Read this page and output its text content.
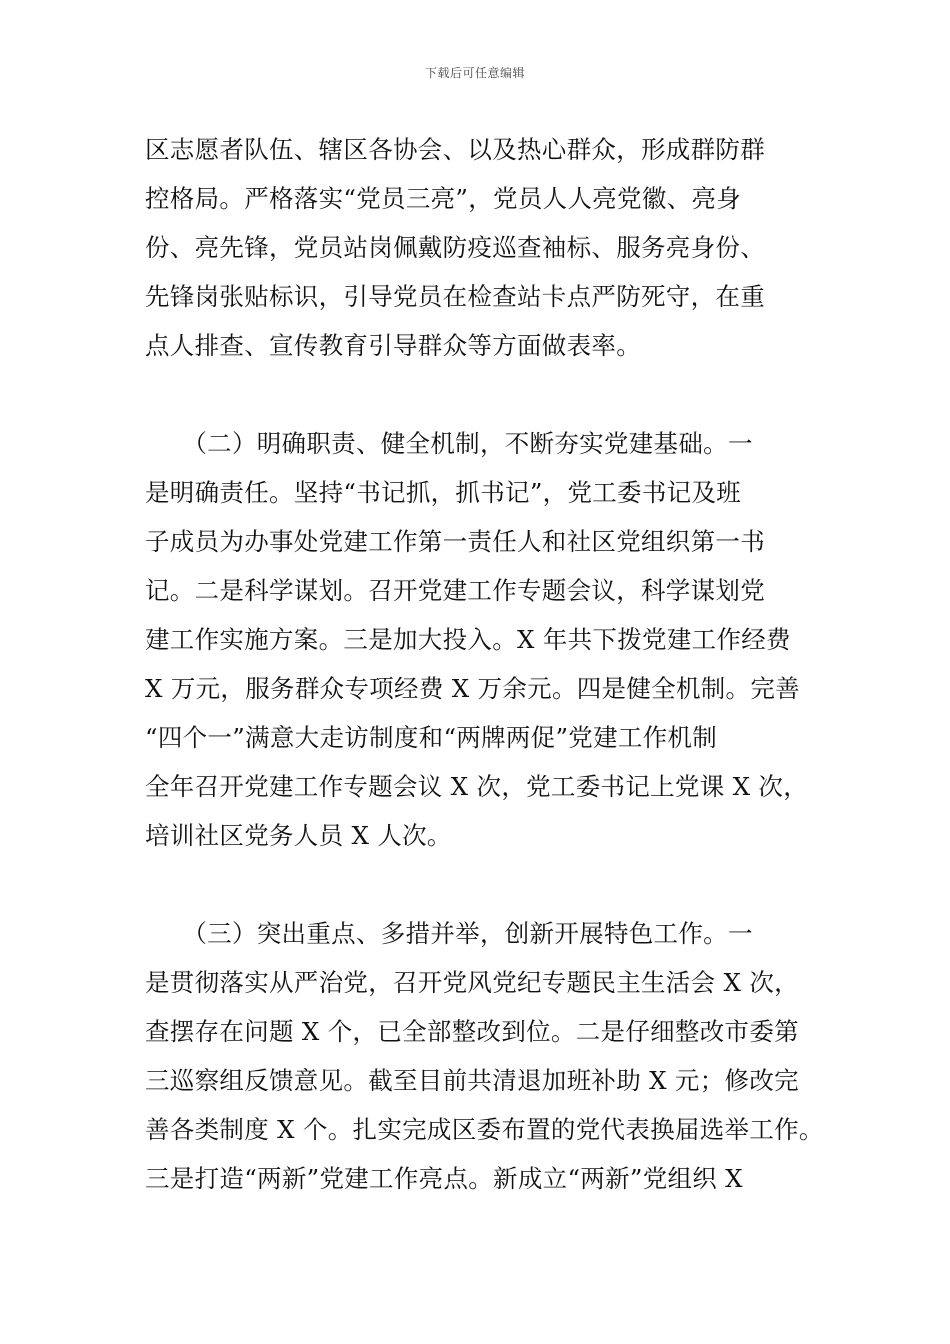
下载后可任意编辑
区志愿者队伍、辖区各协会、以及热心群众，形成群防群
控格局。严格落实“党员三亮”，党员人人亮党徽、亮身
份、亮先锋，党员站岗佩戴防疫巡查袖标、服务亮身份、
先锋岗张贴标识，引导党员在检查站卡点严防死守，在重
点人排查、宣传教育引导群众等方面做表率。
　　（二）明确职责、健全机制，不断夯实党建基础。一
是明确责任。坚持“书记抓，抓书记”，党工委书记及班
子成员为办事处党建工作第一责任人和社区党组织第一书
记。二是科学谋划。召开党建工作专题会议，科学谋划党
建工作实施方案。三是加大投入。X 年共下拨党建工作经费
X 万元，服务群众专项经费 X 万余元。四是健全机制。完善
“四个一”满意大走访制度和“两牌两促”党建工作机制
全年召开党建工作专题会议 X 次，党工委书记上党课 X 次，
培训社区党务人员 X 人次。
　　（三）突出重点、多措并举，创新开展特色工作。一
是贯彻落实从严治党，召开党风党纪专题民主生活会 X 次，
查摆存在问题 X 个，已全部整改到位。二是仔细整改市委第
三巡察组反馈意见。截至目前共清退加班补助 X 元；修改完
善各类制度 X 个。扎实完成区委布置的党代表换届选举工作。
三是打造“两新”党建工作亮点。新成立“两新”党组织 X
